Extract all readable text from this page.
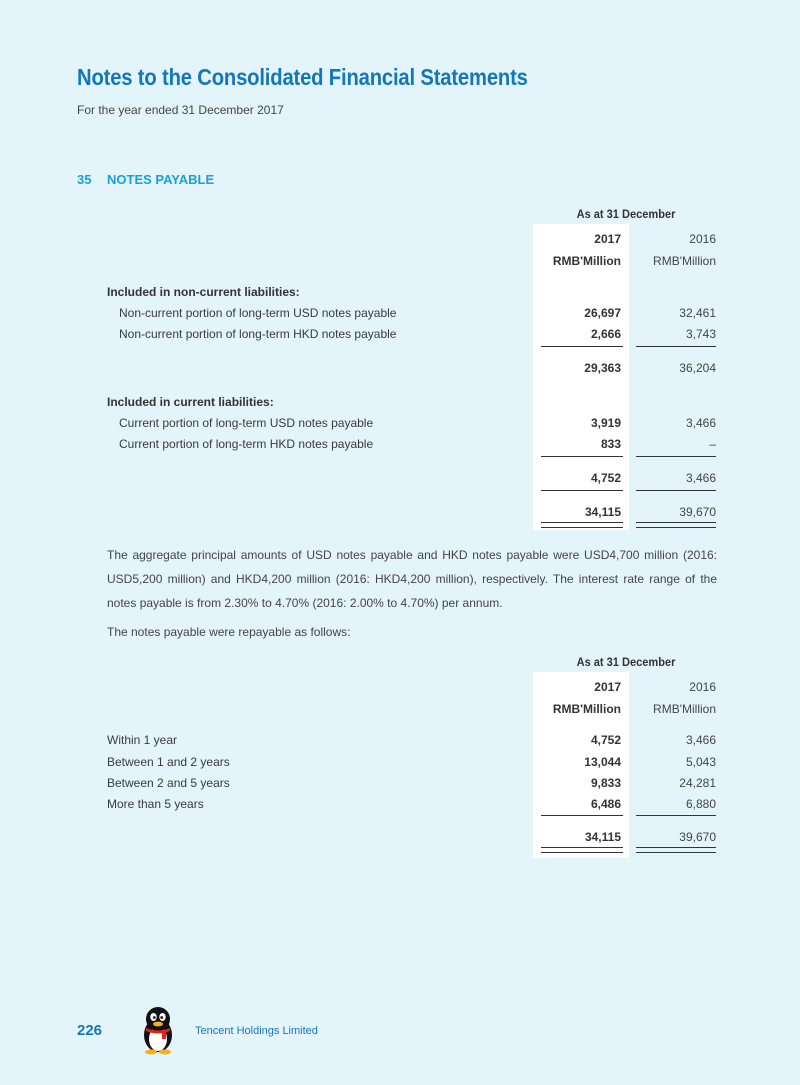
Notes to the Consolidated Financial Statements
For the year ended 31 December 2017
35 NOTES PAYABLE
As at 31 December
2017	2016
RMB'Million	RMB'Million
Included in non-current liabilities:
Non-current portion of long-term USD notes payable	26,697	32,461
Non-current portion of long-term HKD notes payable	2,666	3,743
29,363	36,204
Included in current liabilities:
Current portion of long-term USD notes payable	3,919	3,466
Current portion of long-term HKD notes payable	833	–
4,752	3,466
34,115	39,670
The aggregate principal amounts of USD notes payable and HKD notes payable were USD4,700 million (2016: USD5,200 million) and HKD4,200 million (2016: HKD4,200 million), respectively. The interest rate range of the notes payable is from 2.30% to 4.70% (2016: 2.00% to 4.70%) per annum.
The notes payable were repayable as follows:
As at 31 December
2017	2016
RMB'Million	RMB'Million
Within 1 year	4,752	3,466
Between 1 and 2 years	13,044	5,043
Between 2 and 5 years	9,833	24,281
More than 5 years	6,486	6,880
34,115	39,670
226	Tencent Holdings Limited
